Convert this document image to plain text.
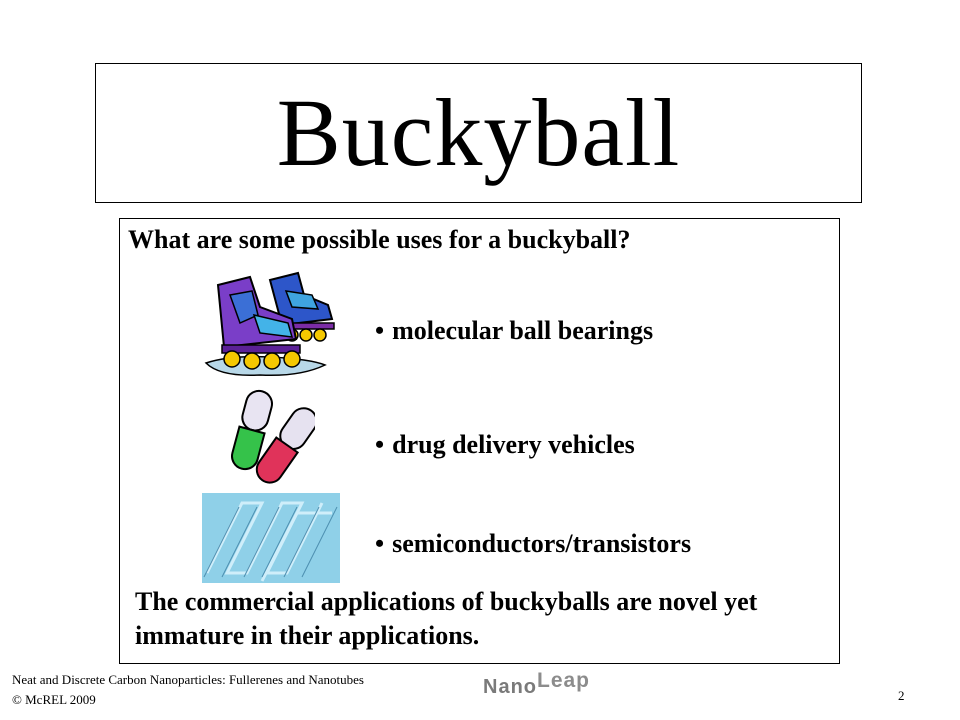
Buckyball
What are some possible uses for a buckyball?
• molecular ball bearings
• drug delivery vehicles
• semiconductors/transistors
The commercial applications of buckyballs are novel yet immature in their applications.
Neat and Discrete Carbon Nanoparticles: Fullerenes and Nanotubes
© McREL 2009
NanoLeap
2
